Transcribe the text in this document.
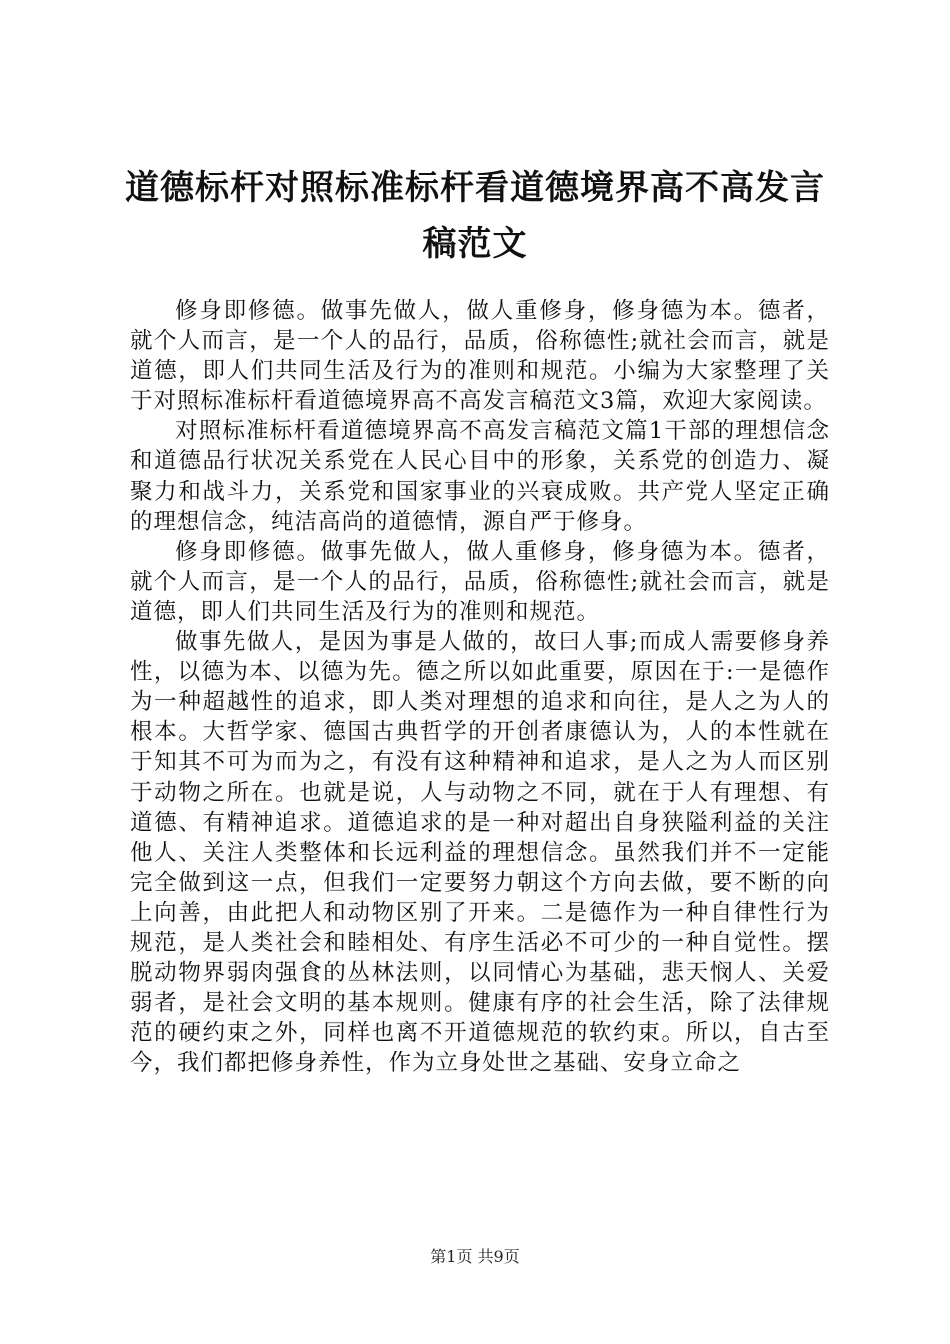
道德标杆对照标准标杆看道德境界高不高发言
稿范文

修身即修德。做事先做人，做人重修身，修身德为本。德者，就个人而言，是一个人的品行，品质，俗称德性;就社会而言，就是道德，即人们共同生活及行为的准则和规范。小编为大家整理了关于对照标准标杆看道德境界高不高发言稿范文3篇，欢迎大家阅读。

对照标准标杆看道德境界高不高发言稿范文篇1干部的理想信念和道德品行状况关系党在人民心目中的形象，关系党的创造力、凝聚力和战斗力，关系党和国家事业的兴衰成败。共产党人坚定正确的理想信念，纯洁高尚的道德情，源自严于修身。

修身即修德。做事先做人，做人重修身，修身德为本。德者，就个人而言，是一个人的品行，品质，俗称德性;就社会而言，就是道德，即人们共同生活及行为的准则和规范。

做事先做人，是因为事是人做的，故曰人事;而成人需要修身养性，以德为本、以德为先。德之所以如此重要，原因在于:一是德作为一种超越性的追求，即人类对理想的追求和向往，是人之为人的根本。大哲学家、德国古典哲学的开创者康德认为，人的本性就在于知其不可为而为之，有没有这种精神和追求，是人之为人而区别于动物之所在。也就是说，人与动物之不同，就在于人有理想、有道德、有精神追求。道德追求的是一种对超出自身狭隘利益的关注他人、关注人类整体和长远利益的理想信念。虽然我们并不一定能完全做到这一点，但我们一定要努力朝这个方向去做，要不断的向上向善，由此把人和动物区别了开来。二是德作为一种自律性行为规范，是人类社会和睦相处、有序生活必不可少的一种自觉性。摆脱动物界弱肉强食的丛林法则，以同情心为基础，悲天悯人、关爱弱者，是社会文明的基本规则。健康有序的社会生活，除了法律规范的硬约束之外，同样也离不开道德规范的软约束。所以，自古至今，我们都把修身养性，作为立身处世之基础、安身立命之

第1页 共9页
